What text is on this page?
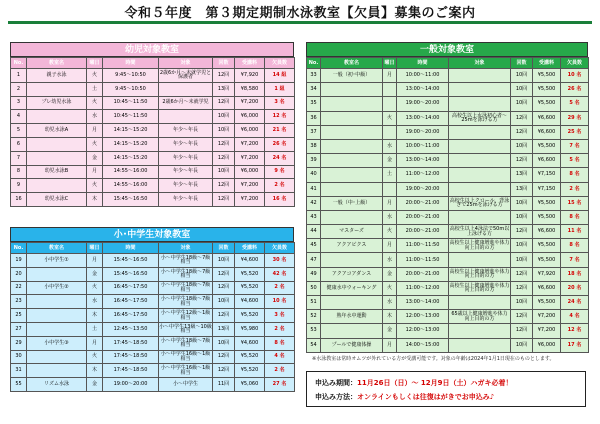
令和５年度　第３期定期制水泳教室【欠員】募集のご案内
幼児対象教室
No.	教室名	曜日	時間	対象	回数	受講料	欠員数
1	親子水泳	火	9:45～10:50	2歳6か月～未就学児と保護者	12回	¥7,920	14 組
2		土	9:45～10:50		13回	¥8,580	1 組
3	プレ幼児水泳	火	10:45～11:50	2歳6か月～未就学児	12回	¥7,200	3 名
4		水	10:45～11:50		10回	¥6,000	12 名
5	幼児水泳A	月	14:15～15:20	年少～年長	10回	¥6,000	21 名
6		火	14:15～15:20	年少～年長	12回	¥7,200	26 名
7		金	14:15～15:20	年少～年長	12回	¥7,200	24 名
8	幼児水泳B	月	14:55～16:00	年少～年長	10回	¥6,000	9 名
9		火	14:55～16:00	年少～年長	12回	¥7,200	2 名
16	幼児水泳C	木	15:45～16:50	年少～年長	12回	¥7,200	16 名
小･中学生対象教室
No.	教室名	曜日	時間	対象	回数	受講料	欠員数
19	小中学生①	月	15:45～16:50	小～中学生18級～7級相当	10回	¥4,600	30 名
20		金	15:45～16:50	小～中学生18級～7級相当	12回	¥5,520	42 名
22	小中学生②	火	16:45～17:50	小～中学生18級～7級相当	12回	¥5,520	2 名
23		水	16:45～17:50	小～中学生18級～7級相当	10回	¥4,600	10 名
25		木	16:45～17:50	小～中学生12級～1級相当	12回	¥5,520	3 名
27		土	12:45～13:50	小～中学生13級～10級相当	13回	¥5,980	2 名
29	小中学生③	月	17:45～18:50	小～中学生18級～7級相当	10回	¥4,600	8 名
30		火	17:45～18:50	小～中学生16級～1級相当	12回	¥5,520	4 名
31		木	17:45～18:50	小～中学生16級～1級相当	12回	¥5,520	2 名
55	リズム水泳	金	19:00～20:00	小～中学生	11回	¥5,060	27 名
一般対象教室
No.	教室名	曜日	時間	対象	回数	受講料	欠員数
33	一般（初･中級）	月	10:00～11:00		10回	¥5,500	10 名
34			13:00～14:00		10回	¥5,500	26 名
35			19:00～20:00		10回	¥5,500	5 名
36		火	13:00～14:00	高校生以上水泳初心者～25mを泳げる方	12回	¥6,600	29 名
37			19:00～20:00		12回	¥6,600	25 名
38		水	10:00～11:00		10回	¥5,500	7 名
39		金	13:00～14:00		12回	¥6,600	5 名
40		土	11:00～12:00		13回	¥7,150	8 名
41			19:00～20:00		13回	¥7,150	2 名
42	一般（中･上級）	月	20:00～21:00	高校生以上クロール、背泳ぎで25mを泳げる方	10回	¥5,500	15 名
43		水	20:00～21:00		10回	¥5,500	8 名
44	マスターズ	火	20:00～21:00	高校生以上4泳法で50m以上泳げる方	12回	¥6,600	11 名
45	アクアビクス	月	11:00～11:50	高校生以上健康増進や体力向上目的の方	10回	¥5,500	8 名
47		水	11:00～11:50		10回	¥5,500	7 名
49	アクアコアダンス	金	20:00～21:00	高校生以上健康増進や体力向上目的の方	12回	¥7,920	18 名
50	健康水中ウォーキング	火	11:00～12:00	高校生以上健康増進や体力向上目的の方	12回	¥6,600	20 名
51		水	13:00～14:00		10回	¥5,500	24 名
52	熟年水中運動	木	12:00～13:00	65歳以上健康増進や体力向上目的の方	12回	¥7,200	4 名
53		金	12:00～13:00		12回	¥7,200	12 名
54	プールで健康体操	月	14:00～15:00		10回	¥6,000	17 名
※水泳教室は常時オムツが外れている方が受講可能です。対象の年齢は2024年1月1日現在のものとします。
申込み期間：11月26日（日）～ 12月9日（土）ハガキ必着！
申込み方法：オンラインもしくは往復はがきでお申込み♪
